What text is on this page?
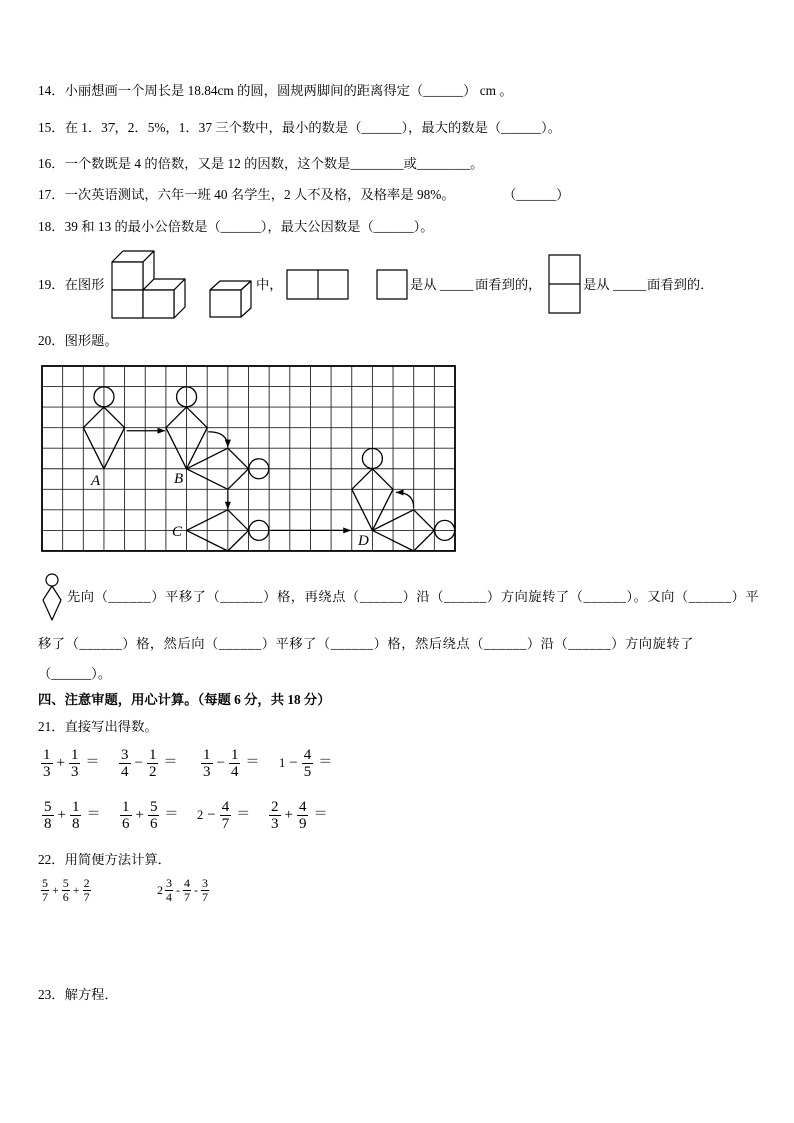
14．小丽想画一个周长是 18.84cm 的圆，圆规两脚间的距离得定（______） cm 。
15．在 1．37̇，2．5%，1．37 三个数中，最小的数是（______），最大的数是（______）。
16．一个数既是 4 的倍数，又是 12 的因数，这个数是________或________。
17．一次英语测试，六年一班 40 名学生，2 人不及格，及格率是 98%。	（______）
18．39 和 13 的最小公倍数是（______），最大公因数是（______）。
19．在图形	中，	是从 _____ 面看到的，	是从 _____ 面看到的．
20．图形题。
A	B
C
D
先向（______）平移了（______）格，再绕点（______）沿（______）方向旋转了（______）。又向（______）平
移了（______）格，然后向（______）平移了（______）格，然后绕点（______）沿（______）方向旋转了
（______）。
四、注意审题，用心计算。（每题 6 分，共 18 分）
21．直接写出得数。
$\frac{1}{3} + \frac{1}{3} = \frac{3}{4} - \frac{1}{2} = \frac{1}{3} - \frac{1}{4} = 1 - \frac{4}{5}$ ＝
$\frac{5}{8} + \frac{1}{8} = \frac{1}{6} + \frac{5}{6} = 2 - \frac{4}{7} = \frac{2}{3} + \frac{4}{9}$ ＝
22．用简便方法计算．
$\frac{5}{7} + \frac{5}{6} + \frac{2}{7}$	$2 \frac{3}{4} - \frac{4}{7} - \frac{3}{7}$
23．解方程．
